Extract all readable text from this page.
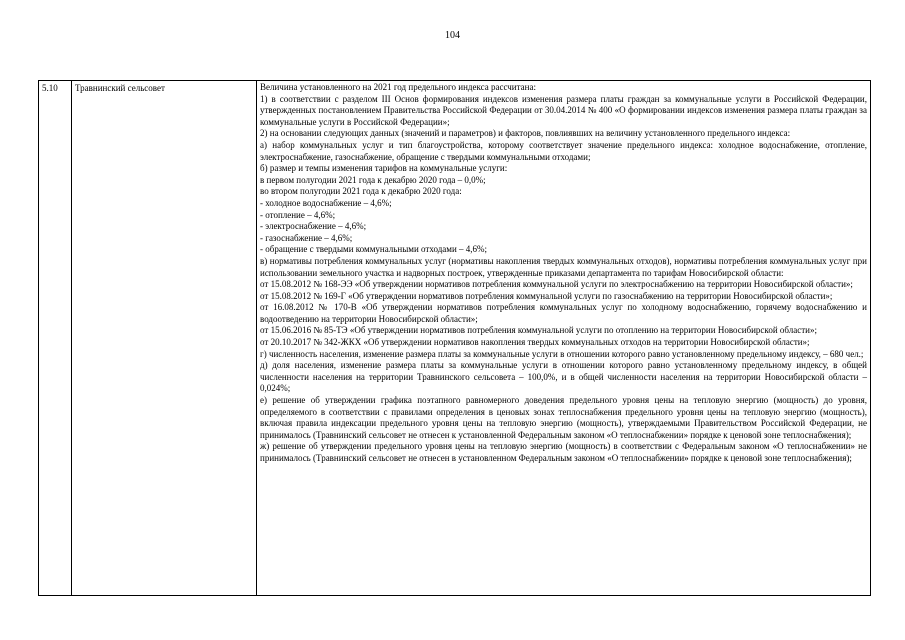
104
5.10	Травнинский сельсовет	Величина установленного на 2021 год предельного индекса рассчитана:
1) в соответствии с разделом III Основ формирования индексов изменения размера платы граждан за коммунальные услуги в Российской Федерации, утвержденных постановлением Правительства Российской Федерации от 30.04.2014 № 400 «О формировании индексов изменения размера платы граждан за коммунальные услуги в Российской Федерации»;
2) на основании следующих данных (значений и параметров) и факторов, повлиявших на величину установленного предельного индекса:
а) набор коммунальных услуг и тип благоустройства, которому соответствует значение предельного индекса: холодное водоснабжение, отопление, электроснабжение, газоснабжение, обращение с твердыми коммунальными отходами;
б) размер и темпы изменения тарифов на коммунальные услуги:
в первом полугодии 2021 года к декабрю 2020 года – 0,0%;
во втором полугодии 2021 года к декабрю 2020 года:
- холодное водоснабжение – 4,6%;
- отопление – 4,6%;
- электроснабжение – 4,6%;
- газоснабжение – 4,6%;
- обращение с твердыми коммунальными отходами – 4,6%;
в) нормативы потребления коммунальных услуг (нормативы накопления твердых коммунальных отходов), нормативы потребления коммунальных услуг при использовании земельного участка и надворных построек, утвержденные приказами департамента по тарифам Новосибирской области:
от 15.08.2012 № 168-ЭЭ «Об утверждении нормативов потребления коммунальной услуги по электроснабжению на территории Новосибирской области»;
от 15.08.2012 № 169-Г «Об утверждении нормативов потребления коммунальной услуги по газоснабжению на территории Новосибирской области»;
от 16.08.2012 № 170-В «Об утверждении нормативов потребления коммунальных услуг по холодному водоснабжению, горячему водоснабжению и водоотведению на территории Новосибирской области»;
от 15.06.2016 № 85-ТЭ «Об утверждении нормативов потребления коммунальной услуги по отоплению на территории Новосибирской области»;
от 20.10.2017 № 342-ЖКХ «Об утверждении нормативов накопления твердых коммунальных отходов на территории Новосибирской области»;
г) численность населения, изменение размера платы за коммунальные услуги в отношении которого равно установленному предельному индексу, – 680 чел.;
д) доля населения, изменение размера платы за коммунальные услуги в отношении которого равно установленному предельному индексу, в общей численности населения на территории Травнинского сельсовета – 100,0%, и в общей численности населения на территории Новосибирской области – 0,024%;
е) решение об утверждении графика поэтапного равномерного доведения предельного уровня цены на тепловую энергию (мощность) до уровня, определяемого в соответствии с правилами определения в ценовых зонах теплоснабжения предельного уровня цены на тепловую энергию (мощность), включая правила индексации предельного уровня цены на тепловую энергию (мощность), утверждаемыми Правительством Российской Федерации, не принималось (Травнинский сельсовет не отнесен к установленной Федеральным законом «О теплоснабжении» порядке к ценовой зоне теплоснабжения);
ж) решение об утверждении предельного уровня цены на тепловую энергию (мощность) в соответствии с Федеральным законом «О теплоснабжении» не принималось (Травнинский сельсовет не отнесен в установленном Федеральным законом «О теплоснабжении» порядке к ценовой зоне теплоснабжения);
